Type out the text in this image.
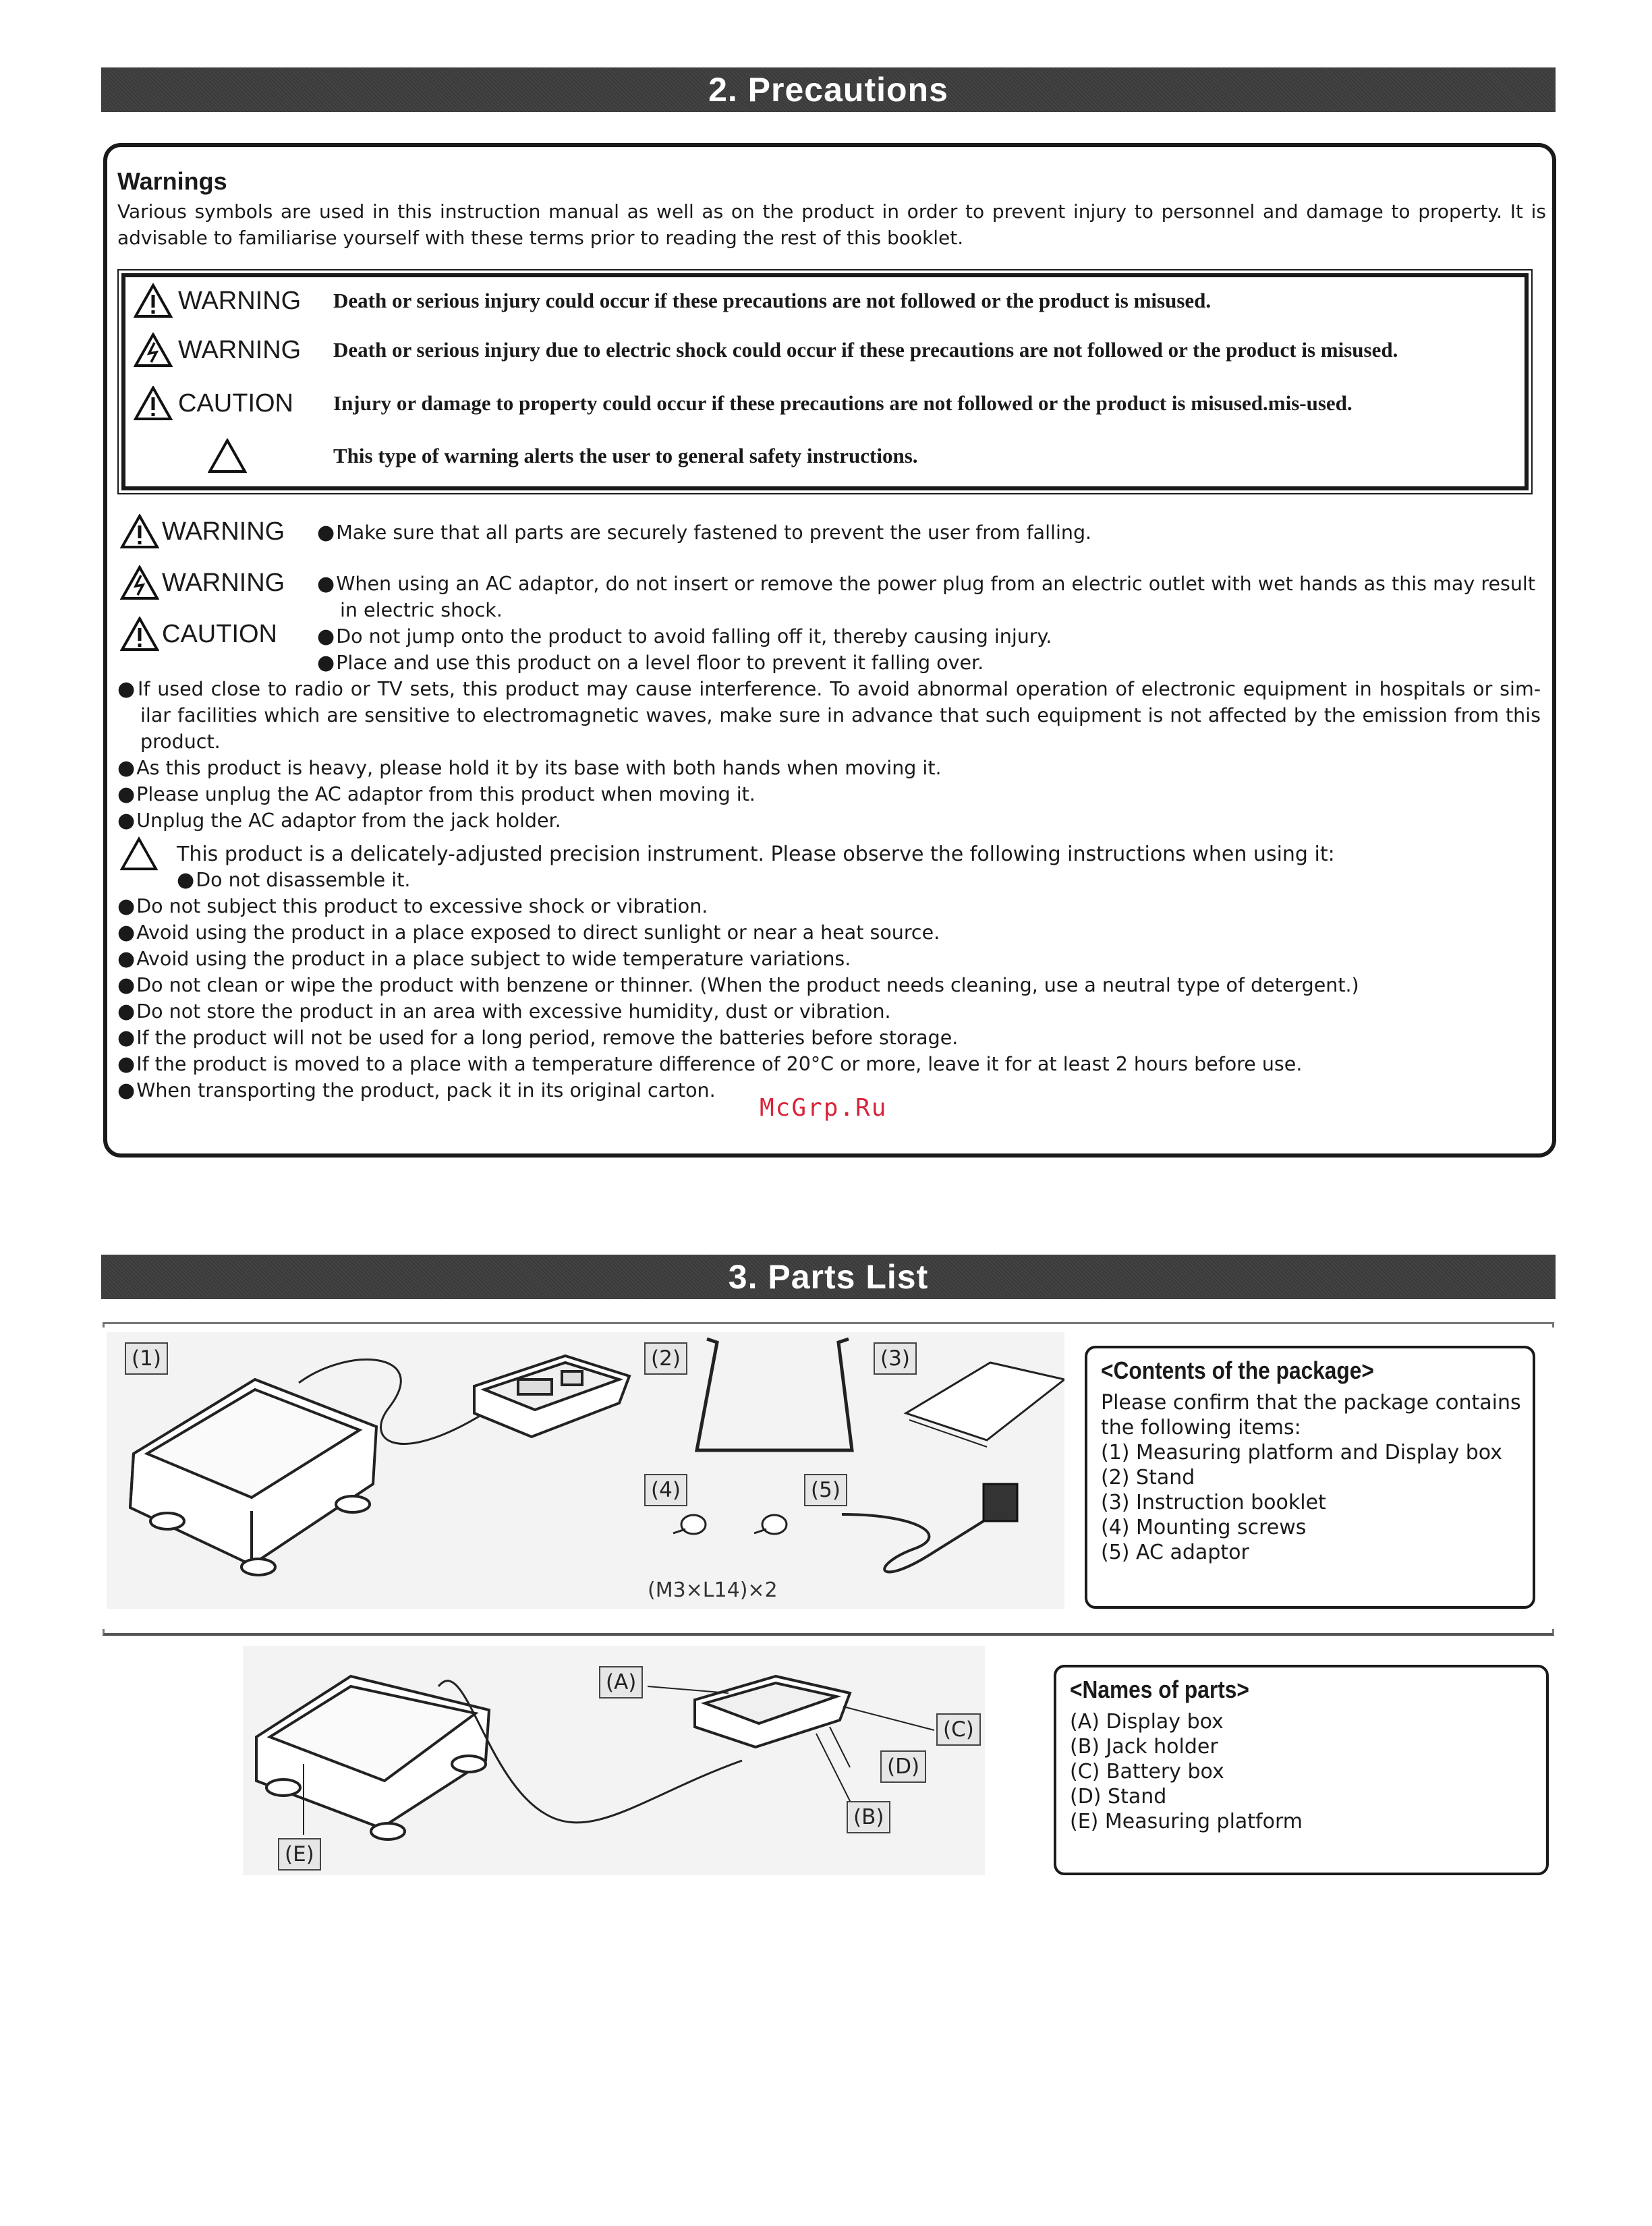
2. Precautions
Warnings
Various symbols are used in this instruction manual as well as on the product in order to prevent injury to personnel and damage to property. It is advisable to familiarise yourself with these terms prior to reading the rest of this booklet.
WARNING Death or serious injury could occur if these precautions are not followed or the product is misused.
WARNING Death or serious injury due to electric shock could occur if these precautions are not followed or the product is misused.
CAUTION Injury or damage to property could occur if these precautions are not followed or the product is misused.mis-used.
This type of warning alerts the user to general safety instructions.
WARNING	● Make sure that all parts are securely fastened to prevent the user from falling.
WARNING	● When using an AC adaptor, do not insert or remove the power plug from an electric outlet with wet hands as this may result in electric shock.
CAUTION	● Do not jump onto the product to avoid falling off it, thereby causing injury.
● Place and use this product on a level floor to prevent it falling over.
● If used close to radio or TV sets, this product may cause interference. To avoid abnormal operation of electronic equipment in hospitals or sim-ilar facilities which are sensitive to electromagnetic waves, make sure in advance that such equipment is not affected by the emission from this product.
● As this product is heavy, please hold it by its base with both hands when moving it.
● Please unplug the AC adaptor from this product when moving it.
● Unplug the AC adaptor from the jack holder.
This product is a delicately-adjusted precision instrument. Please observe the following instructions when using it:
● Do not disassemble it.
● Do not subject this product to excessive shock or vibration.
● Avoid using the product in a place exposed to direct sunlight or near a heat source.
● Avoid using the product in a place subject to wide temperature variations.
● Do not clean or wipe the product with benzene or thinner. (When the product needs cleaning, use a neutral type of detergent.)
● Do not store the product in an area with excessive humidity, dust or vibration.
● If the product will not be used for a long period, remove the batteries before storage.
● If the product is moved to a place with a temperature difference of 20°C or more, leave it for at least 2 hours before use.
● When transporting the product, pack it in its original carton.
McGrp.Ru
3. Parts List
(1)	(2)	(3)
(4)	(5)
(M3×L14)×2
<Contents of the package>
Please confirm that the package contains
the following items:
(1) Measuring platform and Display box
(2) Stand
(3) Instruction booklet
(4) Mounting screws
(5) AC adaptor
(A)
(C)
(D)
(B)
(E)
<Names of parts>
(A) Display box
(B) Jack holder
(C) Battery box
(D) Stand
(E) Measuring platform
